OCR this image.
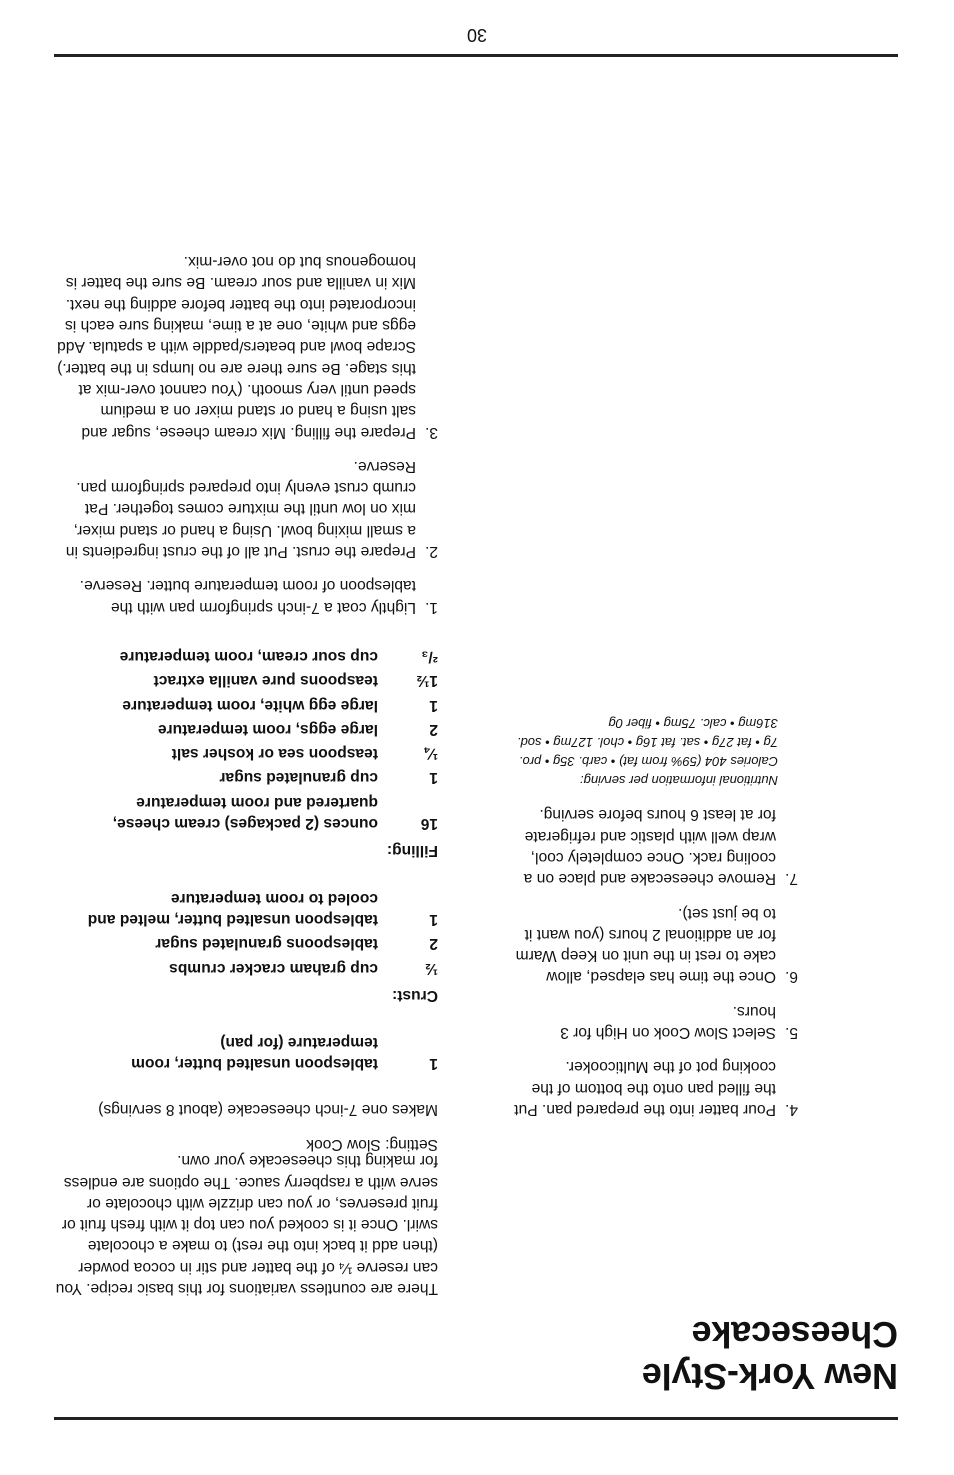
New York-Style
Cheesecake

There are countless variations for this basic recipe. You can reserve ¼ of the batter and stir in cocoa powder (then add it back into the rest) to make a chocolate swirl. Once it is cooked you can top it with fresh fruit or fruit preserves, or you can drizzle with chocolate or serve with a raspberry sauce. The options are endless for making this cheesecake your own.

4.
Pour batter into the prepared pan. Put the filled pan onto the bottom of the cooking pot of the Multicooker.
5.
Select Slow Cook on High for 3 hours.
6.
Once the time has elapsed, allow cake to rest in the unit on Keep Warm for an additional 2 hours (you want it to be just set).
7.
Remove cheesecake and place on a cooling rack. Once completely cool, wrap well with plastic and refrigerate for at least 6 hours before serving.
Nutritional information per serving:
Calories 404 (59% from fat) • carb. 35g • pro. 7g • fat 27g • sat. fat 16g • chol. 127mg • sod. 316mg • calc. 75mg • fiber 0g

Setting: Slow Cook

Makes one 7-inch cheesecake (about 8 servings)

1
tablespoon unsalted butter, room temperature (for pan)
Crust:
½
cup graham cracker crumbs
2
tablespoons granulated sugar
1
tablespoon unsalted butter, melted and cooled to room temperature
Filling:
16
ounces (2 packages) cream cheese, quartered and room temperature
1
cup granulated sugar
¼
teaspoon sea or kosher salt
2
large eggs, room temperature
1
large egg white, room temperature
1½
teaspoons pure vanilla extract
²/₃
cup sour cream, room temperature
1.
Lightly coat a 7-inch springform pan with the tablespoon of room temperature butter. Reserve.
2.
Prepare the crust. Put all of the crust ingredients in a small mixing bowl. Using a hand or stand mixer, mix on low until the mixture comes together. Pat crumb crust evenly into prepared springform pan. Reserve.
3.
Prepare the filling. Mix cream cheese, sugar and salt using a hand or stand mixer on a medium speed until very smooth. (You cannot over-mix at this stage. Be sure there are no lumps in the batter.) Scrape bowl and beaters/paddle with a spatula. Add eggs and white, one at a time, making sure each is incorporated into the batter before adding the next. Mix in vanilla and sour cream. Be sure the batter is homogenous but do not over-mix.
30
